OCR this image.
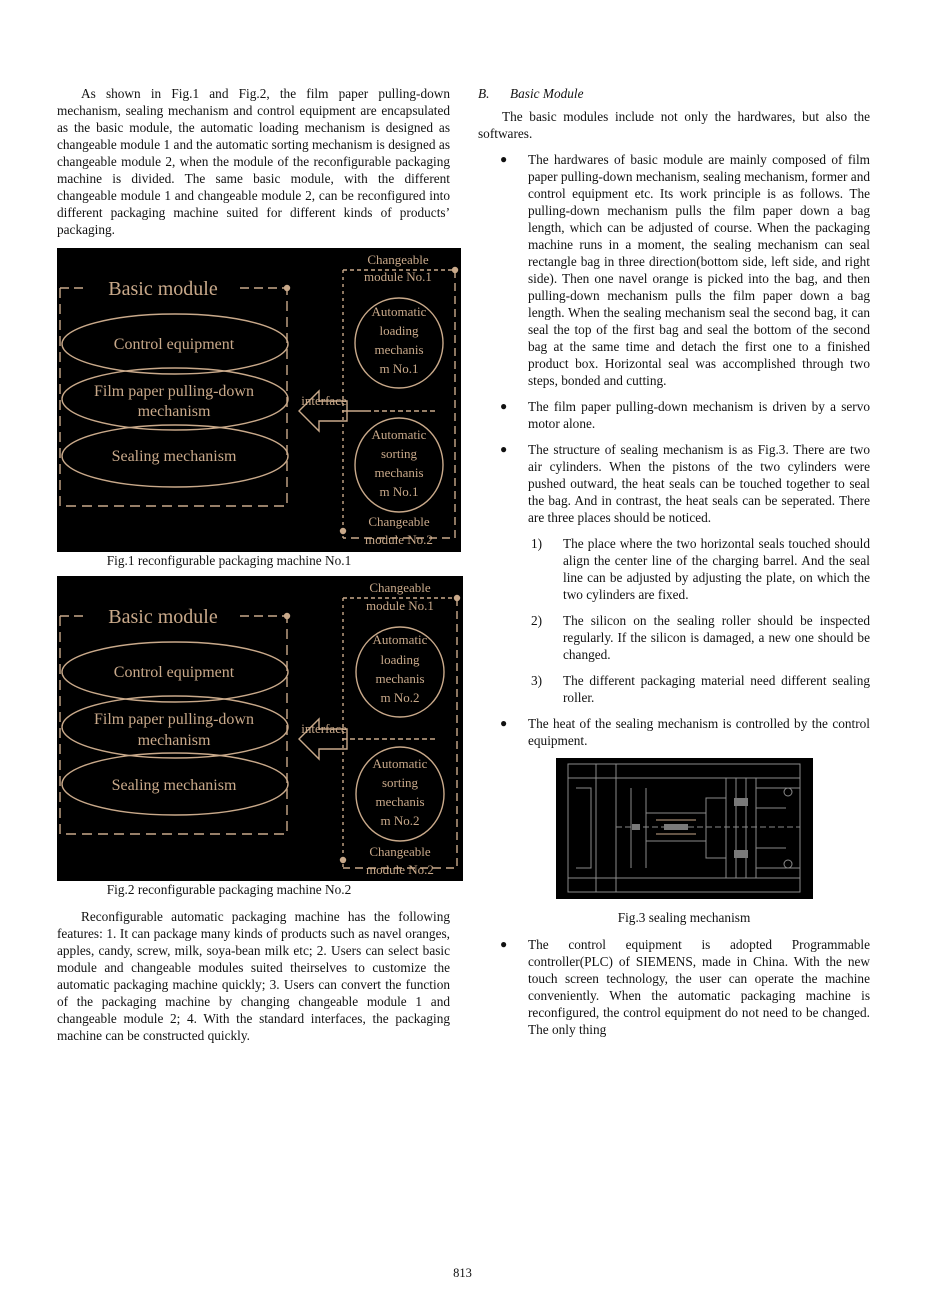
As shown in Fig.1 and Fig.2, the film paper pulling-down mechanism, sealing mechanism and control equipment are encapsulated as the basic module, the automatic loading mechanism is designed as changeable module 1 and the automatic sorting mechanism is designed as changeable module 2, when the module of the reconfigurable packaging machine is divided. The same basic module, with the different changeable module 1 and changeable module 2, can be reconfigured into different packaging machine suited for different kinds of products’ packaging.

Basic module
Control equipment
Film paper pulling-down
mechanism
Sealing mechanism
interface
Changeable
module No.1
Automatic
loading
mechanis
m No.1
Automatic
sorting
mechanis
m No.1
Changeable
module No.2
Fig.1 reconfigurable packaging machine No.1
Basic module
Control equipment
Film paper pulling-down
mechanism
Sealing mechanism
interface
Changeable
module No.1
Automatic
loading
mechanis
m No.2
Automatic
sorting
mechanis
m No.2
Changeable
module No.2
Fig.2 reconfigurable packaging machine No.2

Reconfigurable automatic packaging machine has the following features: 1. It can package many kinds of products such as navel oranges, apples, candy, screw, milk, soya-bean milk etc; 2. Users can select basic module and changeable modules suited theirselves to customize the automatic packaging machine quickly; 3. Users can convert the function of the packaging machine by changing changeable module 1 and changeable module 2; 4. With the standard interfaces, the packaging machine can be constructed quickly.

B. Basic Module

The basic modules include not only the hardwares, but also the softwares.

● The hardwares of basic module are mainly composed of film paper pulling-down mechanism, sealing mechanism, former and control equipment etc. Its work principle is as follows. The pulling-down mechanism pulls the film paper down a bag length, which can be adjusted of course. When the packaging machine runs in a moment, the sealing mechanism can seal rectangle bag in three direction(bottom side, left side, and right side). Then one navel orange is picked into the bag, and then pulling-down mechanism pulls the film paper down a bag length. When the sealing mechanism seal the second bag, it can seal the top of the first bag and seal the bottom of the second bag at the same time and detach the first one to a finished product box. Horizontal seal was accomplished through two steps, bonded and cutting.

● The film paper pulling-down mechanism is driven by a servo motor alone.

● The structure of sealing mechanism is as Fig.3. There are two air cylinders. When the pistons of the two cylinders were pushed outward, the heat seals can be touched together to seal the bag. And in contrast, the heat seals can be seperated. There are three places should be noticed.

1) The place where the two horizontal seals touched should align the center line of the charging barrel. And the seal line can be adjusted by adjusting the plate, on which the two cylinders are fixed.

2) The silicon on the sealing roller should be inspected regularly. If the silicon is damaged, a new one should be changed.

3) The different packaging material need different sealing roller.

● The heat of the sealing mechanism is controlled by the control equipment.

Fig.3 sealing mechanism
● The control equipment is adopted Programmable controller(PLC) of SIEMENS, made in China. With the new touch screen technology, the user can operate the machine conveniently. When the automatic packaging machine is reconfigured, the control equipment do not need to be changed. The only thing

813
